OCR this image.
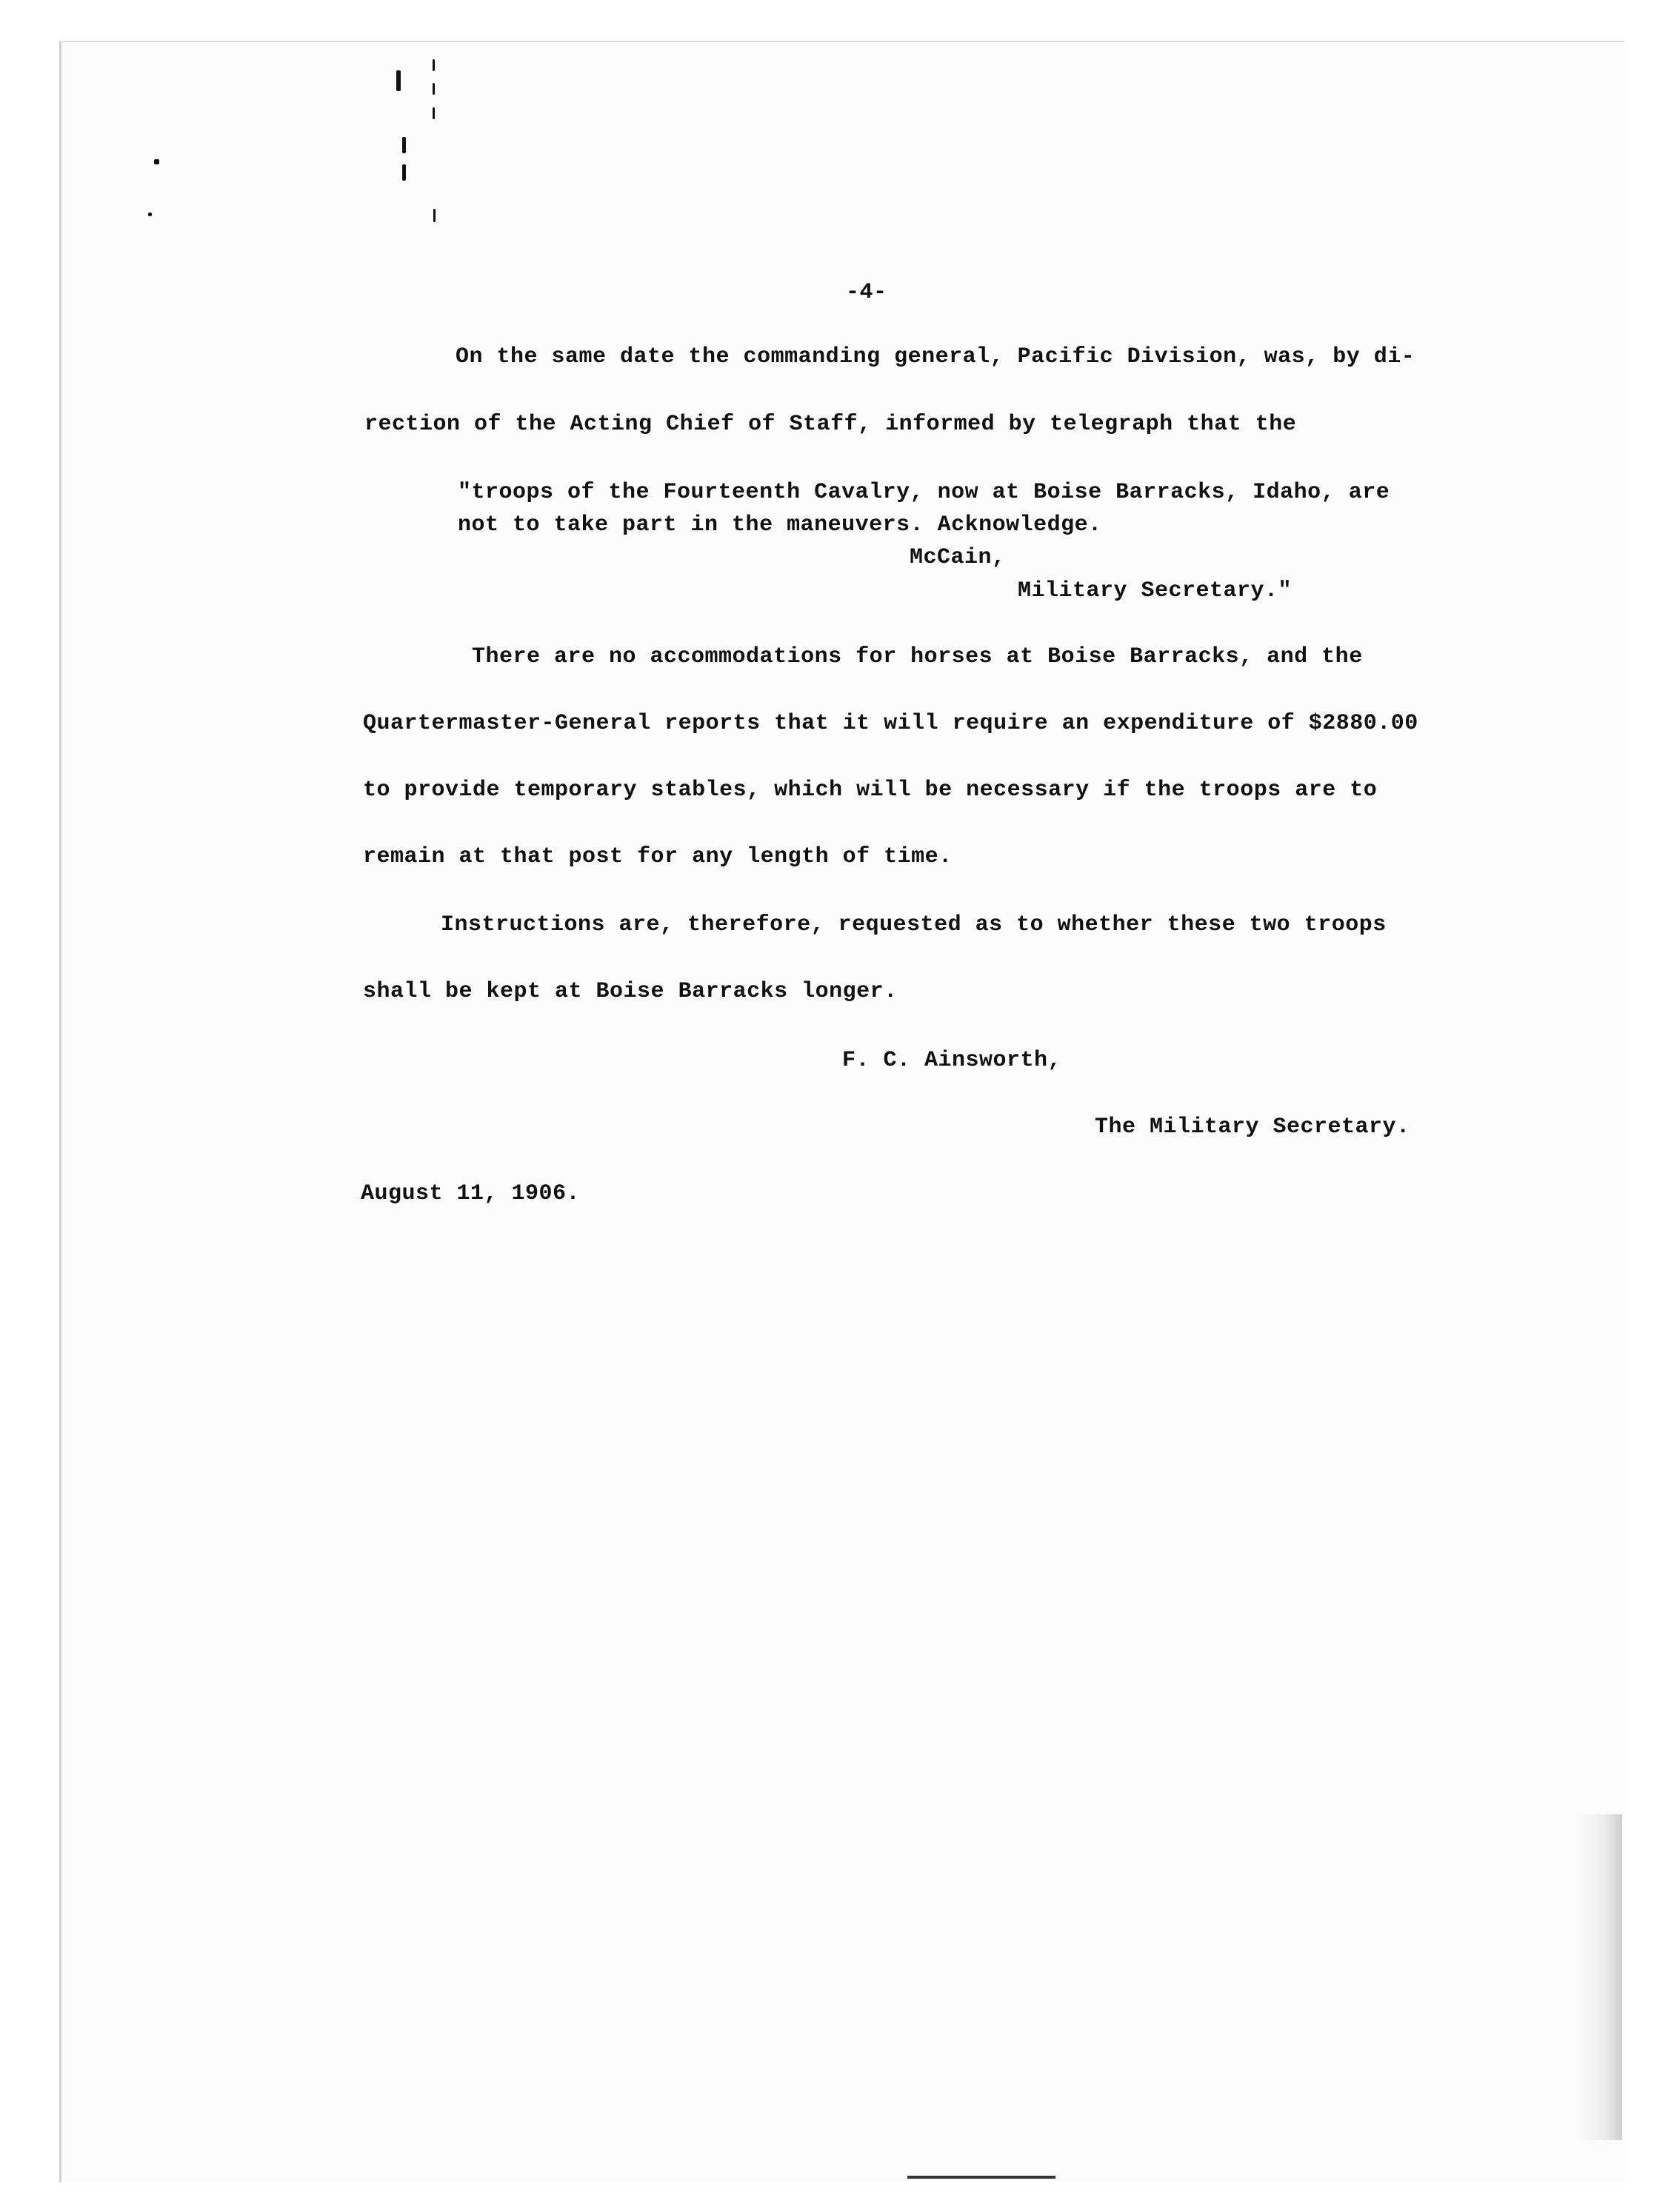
-4-
On the same date the commanding general, Pacific Division, was, by di-
rection of the Acting Chief of Staff, informed by telegraph that the
"troops of the Fourteenth Cavalry, now at Boise Barracks, Idaho, are
not to take part in the maneuvers. Acknowledge.
McCain,
Military Secretary."
There are no accommodations for horses at Boise Barracks, and the
Quartermaster-General reports that it will require an expenditure of $2880.00
to provide temporary stables, which will be necessary if the troops are to
remain at that post for any length of time.
Instructions are, therefore, requested as to whether these two troops
shall be kept at Boise Barracks longer.
F. C. Ainsworth,
The Military Secretary.
August 11, 1906.
